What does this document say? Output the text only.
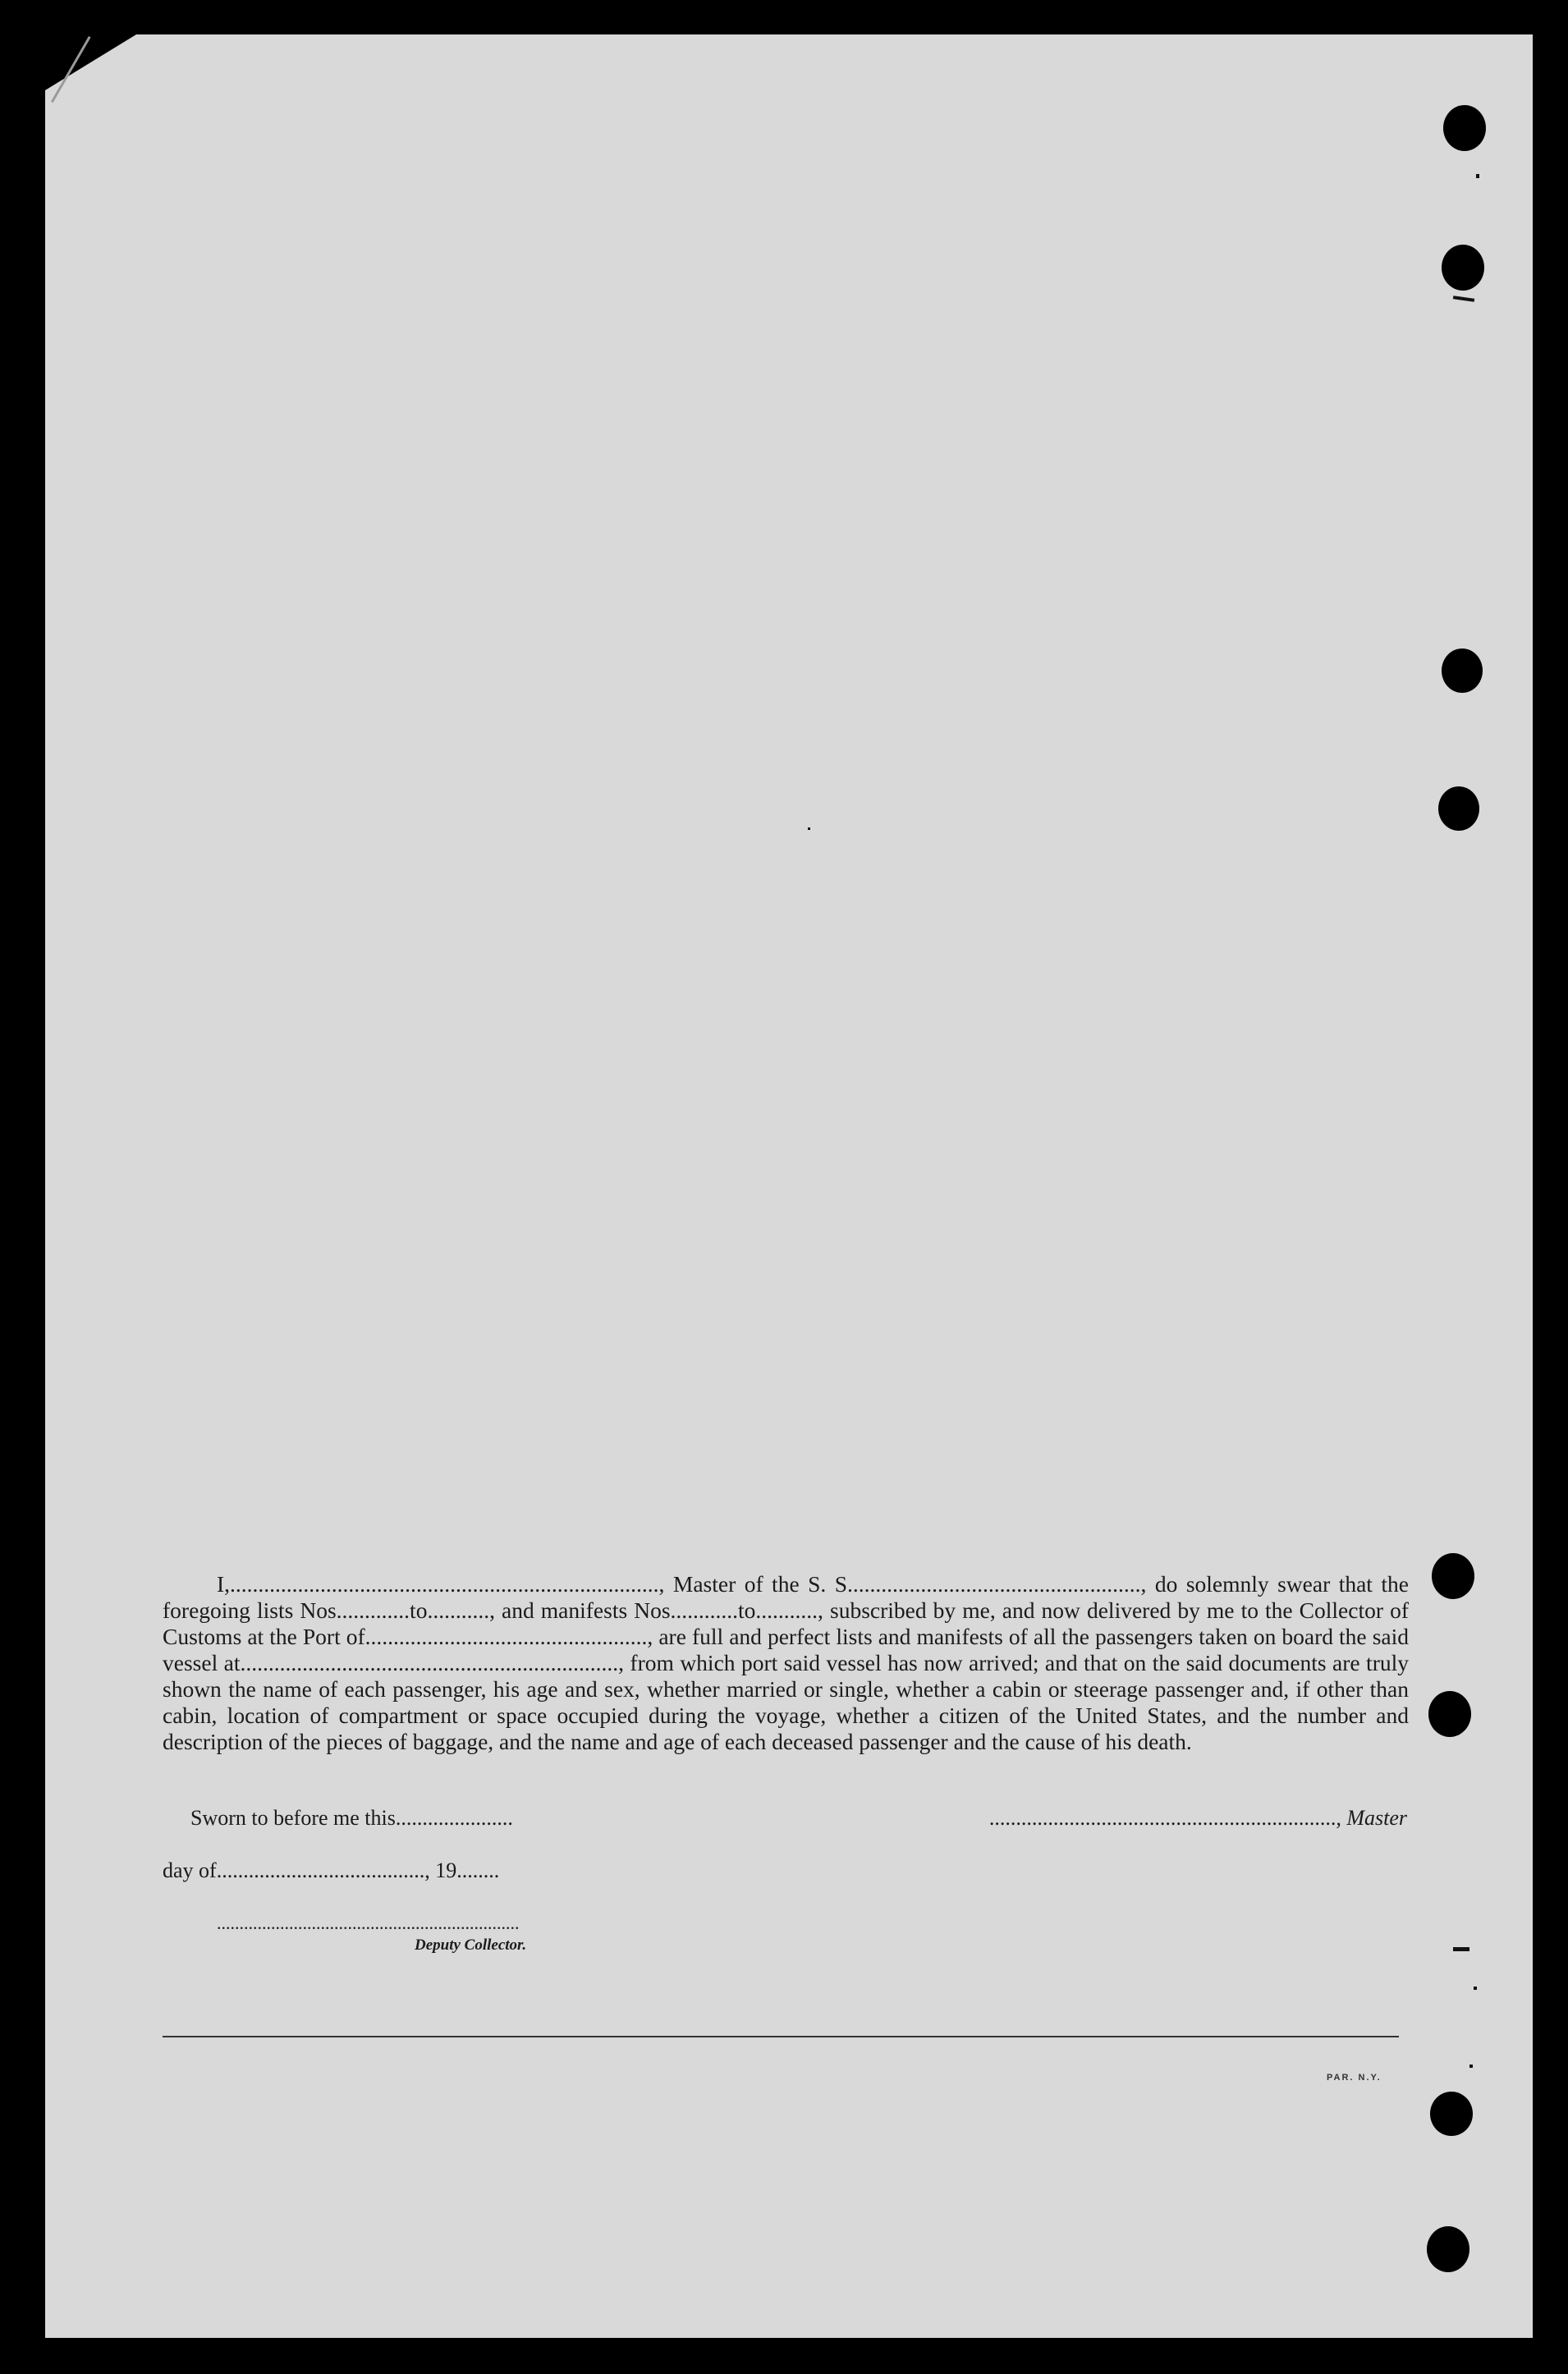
I,............................................................................, Master of the S. S...................................................., do solemnly swear that the foregoing lists Nos.............to..........., and manifests Nos............to..........., subscribed by me, and now delivered by me to the Collector of Customs at the Port of.................................................., are full and perfect lists and manifests of all the passengers taken on board the said vessel at..................................................................., from which port said vessel has now arrived; and that on the said documents are truly shown the name of each passenger, his age and sex, whether married or single, whether a cabin or steerage passenger and, if other than cabin, location of compartment or space occupied during the voyage, whether a citizen of the United States, and the number and description of the pieces of baggage, and the name and age of each deceased passenger and the cause of his death.

Sworn to before me this......................	................................................................., Master
day of......................................., 19........
...................................................................
Deputy Collector.
PAR. N.Y.
